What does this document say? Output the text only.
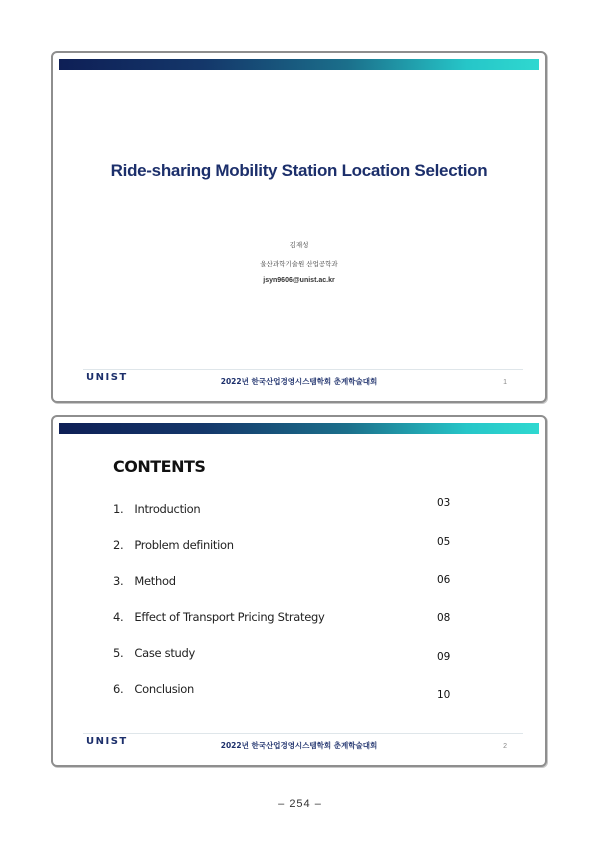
Ride-sharing Mobility Station Location Selection
김재성
울산과학기술원 산업공학과
jsyn9606@unist.ac.kr
UNIST	2022년 한국산업경영시스템학회 춘계학술대회	1
CONTENTS
1. Introduction	03
2. Problem definition	05
3. Method	06
4. Effect of Transport Pricing Strategy	08
5. Case study	09
6. Conclusion	10
UNIST	2022년 한국산업경영시스템학회 춘계학술대회	2
– 254 –
